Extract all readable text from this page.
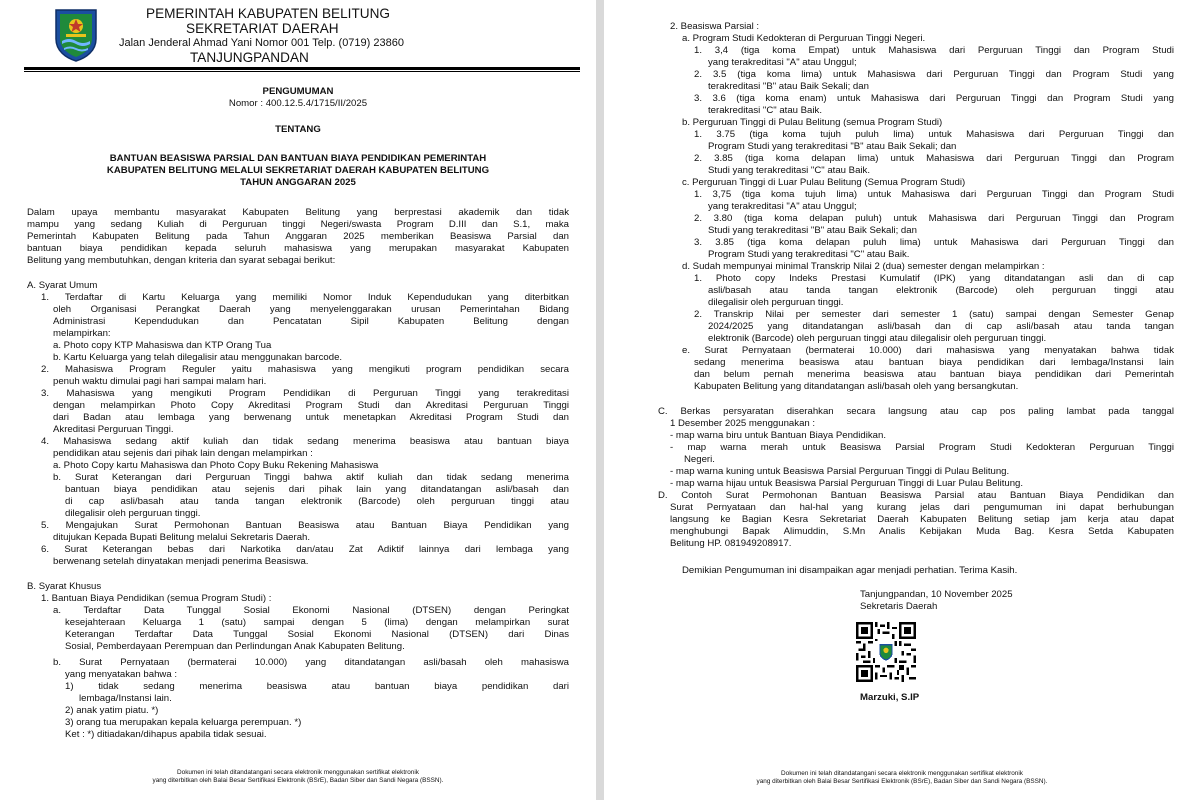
PEMERINTAH KABUPATEN BELITUNG
SEKRETARIAT DAERAH
Jalan Jenderal Ahmad Yani Nomor 001 Telp. (0719) 23860
TANJUNGPANDAN
PENGUMUMAN
Nomor : 400.12.5.4/1715/II/2025
TENTANG
BANTUAN BEASISWA PARSIAL DAN BANTUAN BIAYA PENDIDIKAN PEMERINTAH
KABUPATEN BELITUNG MELALUI SEKRETARIAT DAERAH KABUPATEN BELITUNG
TAHUN ANGGARAN 2025
Dalam upaya membantu masyarakat Kabupaten Belitung yang berprestasi akademik dan tidak
mampu yang sedang Kuliah di Perguruan tinggi Negeri/swasta Program D.III dan S.1, maka
Pemerintah Kabupaten Belitung pada Tahun Anggaran 2025 memberikan Beasiswa Parsial dan
bantuan biaya pendidikan kepada seluruh mahasiswa yang merupakan masyarakat Kabupaten
Belitung yang membutuhkan, dengan kriteria dan syarat sebagai berikut:
A. Syarat Umum
1. Terdaftar di Kartu Keluarga yang memiliki Nomor Induk Kependudukan yang diterbitkan
oleh Organisasi Perangkat Daerah yang menyelenggarakan urusan Pemerintahan Bidang
Administrasi Kependudukan dan Pencatatan Sipil Kabupaten Belitung dengan
melampirkan:
a. Photo copy KTP Mahasiswa dan KTP Orang Tua
b. Kartu Keluarga yang telah dilegalisir atau menggunakan barcode.
2. Mahasiswa Program Reguler yaitu mahasiswa yang mengikuti program pendidikan secara
penuh waktu dimulai pagi hari sampai malam hari.
3. Mahasiswa yang mengikuti Program Pendidikan di Perguruan Tinggi yang terakreditasi
dengan melampirkan Photo Copy Akreditasi Program Studi dan Akreditasi Perguruan Tinggi
dari Badan atau lembaga yang berwenang untuk menetapkan Akreditasi Program Studi dan
Akreditasi Perguruan Tinggi.
4. Mahasiswa sedang aktif kuliah dan tidak sedang menerima beasiswa atau bantuan biaya
pendidikan atau sejenis dari pihak lain dengan melampirkan :
a. Photo Copy kartu Mahasiswa dan Photo Copy Buku Rekening Mahasiswa
b. Surat Keterangan dari Perguruan Tinggi bahwa aktif kuliah dan tidak sedang menerima
bantuan biaya pendidikan atau sejenis dari pihak lain yang ditandatangan asli/basah dan
di cap asli/basah atau tanda tangan elektronik (Barcode) oleh perguruan tinggi atau
dilegalisir oleh perguruan tinggi.
5. Mengajukan Surat Permohonan Bantuan Beasiswa atau Bantuan Biaya Pendidikan yang
ditujukan Kepada Bupati Belitung melalui Sekretaris Daerah.
6. Surat Keterangan bebas dari Narkotika dan/atau Zat Adiktif lainnya dari lembaga yang
berwenang setelah dinyatakan menjadi penerima Beasiswa.
B. Syarat Khusus
1. Bantuan Biaya Pendidikan (semua Program Studi) :
a. Terdaftar Data Tunggal Sosial Ekonomi Nasional (DTSEN) dengan Peringkat
kesejahteraan Keluarga 1 (satu) sampai dengan 5 (lima) dengan melampirkan surat
Keterangan Terdaftar Data Tunggal Sosial Ekonomi Nasional (DTSEN) dari Dinas
Sosial, Pemberdayaan Perempuan dan Perlindungan Anak Kabupaten Belitung.
b. Surat Pernyataan (bermaterai 10.000) yang ditandatangan asli/basah oleh mahasiswa
yang menyatakan bahwa :
1) tidak sedang menerima beasiswa atau bantuan biaya pendidikan dari
lembaga/Instansi lain.
2) anak yatim piatu. *)
3) orang tua merupakan kepala keluarga perempuan. *)
Ket : *) ditiadakan/dihapus apabila tidak sesuai.
Dokumen ini telah ditandatangani secara elektronik menggunakan sertifikat elektronik
yang diterbitkan oleh Balai Besar Sertifikasi Elektronik (BSrE), Badan Siber dan Sandi Negara (BSSN).
2. Beasiswa Parsial :
a. Program Studi Kedokteran di Perguruan Tinggi Negeri.
1. 3,4 (tiga koma Empat) untuk Mahasiswa dari Perguruan Tinggi dan Program Studi
yang terakreditasi "A" atau Unggul;
2. 3.5 (tiga koma lima) untuk Mahasiswa dari Perguruan Tinggi dan Program Studi yang
terakreditasi "B" atau Baik Sekali; dan
3. 3.6 (tiga koma enam) untuk Mahasiswa dari Perguruan Tinggi dan Program Studi yang
terakreditasi "C" atau Baik.
b. Perguruan Tinggi di Pulau Belitung (semua Program Studi)
1. 3.75 (tiga koma tujuh puluh lima) untuk Mahasiswa dari Perguruan Tinggi dan
Program Studi yang terakreditasi "B" atau Baik Sekali; dan
2. 3.85 (tiga koma delapan lima) untuk Mahasiswa dari Perguruan Tinggi dan Program
Studi yang terakreditasi "C" atau Baik.
c. Perguruan Tinggi di Luar Pulau Belitung (Semua Program Studi)
1. 3,75 (tiga koma tujuh lima) untuk Mahasiswa dari Perguruan Tinggi dan Program Studi
yang terakreditasi "A" atau Unggul;
2. 3.80 (tiga koma delapan puluh) untuk Mahasiswa dari Perguruan Tinggi dan Program
Studi yang terakreditasi "B" atau Baik Sekali; dan
3. 3.85 (tiga koma delapan puluh lima) untuk Mahasiswa dari Perguruan Tinggi dan
Program Studi yang terakreditasi "C" atau Baik.
d. Sudah mempunyai minimal Transkrip Nilai 2 (dua) semester dengan melampirkan :
1. Photo copy Indeks Prestasi Kumulatif (IPK) yang ditandatangan asli dan di cap
asli/basah atau tanda tangan elektronik (Barcode) oleh perguruan tinggi atau
dilegalisir oleh perguruan tinggi.
2. Transkrip Nilai per semester dari semester 1 (satu) sampai dengan Semester Genap
2024/2025 yang ditandatangan asli/basah dan di cap asli/basah atau tanda tangan
elektronik (Barcode) oleh perguruan tinggi atau dilegalisir oleh perguruan tinggi.
e. Surat Pernyataan (bermaterai 10.000) dari mahasiswa yang menyatakan bahwa tidak
sedang menerima beasiswa atau bantuan biaya pendidikan dari lembaga/Instansi lain
dan belum pernah menerima beasiswa atau bantuan biaya pendidikan dari Pemerintah
Kabupaten Belitung yang ditandatangan asli/basah oleh yang bersangkutan.
C. Berkas persyaratan diserahkan secara langsung atau cap pos paling lambat pada tanggal
1 Desember 2025 menggunakan :
- map warna biru untuk Bantuan Biaya Pendidikan.
- map warna merah untuk Beasiswa Parsial Program Studi Kedokteran Perguruan Tinggi
Negeri.
- map warna kuning untuk Beasiswa Parsial Perguruan Tinggi di Pulau Belitung.
- map warna hijau untuk Beasiswa Parsial Perguruan Tinggi di Luar Pulau Belitung.
D. Contoh Surat Permohonan Bantuan Beasiswa Parsial atau Bantuan Biaya Pendidikan dan
Surat Pernyataan dan hal-hal yang kurang jelas dari pengumuman ini dapat berhubungan
langsung ke Bagian Kesra Sekretariat Daerah Kabupaten Belitung setiap jam kerja atau dapat
menghubungi Bapak Alimuddin, S.Mn Analis Kebijakan Muda Bag. Kesra Setda Kabupaten
Belitung HP. 081949208917.
Demikian Pengumuman ini disampaikan agar menjadi perhatian. Terima Kasih.
Tanjungpandan, 10 November 2025
Sekretaris Daerah
Marzuki, S.IP
Dokumen ini telah ditandatangani secara elektronik menggunakan sertifikat elektronik
yang diterbitkan oleh Balai Besar Sertifikasi Elektronik (BSrE), Badan Siber dan Sandi Negara (BSSN).
